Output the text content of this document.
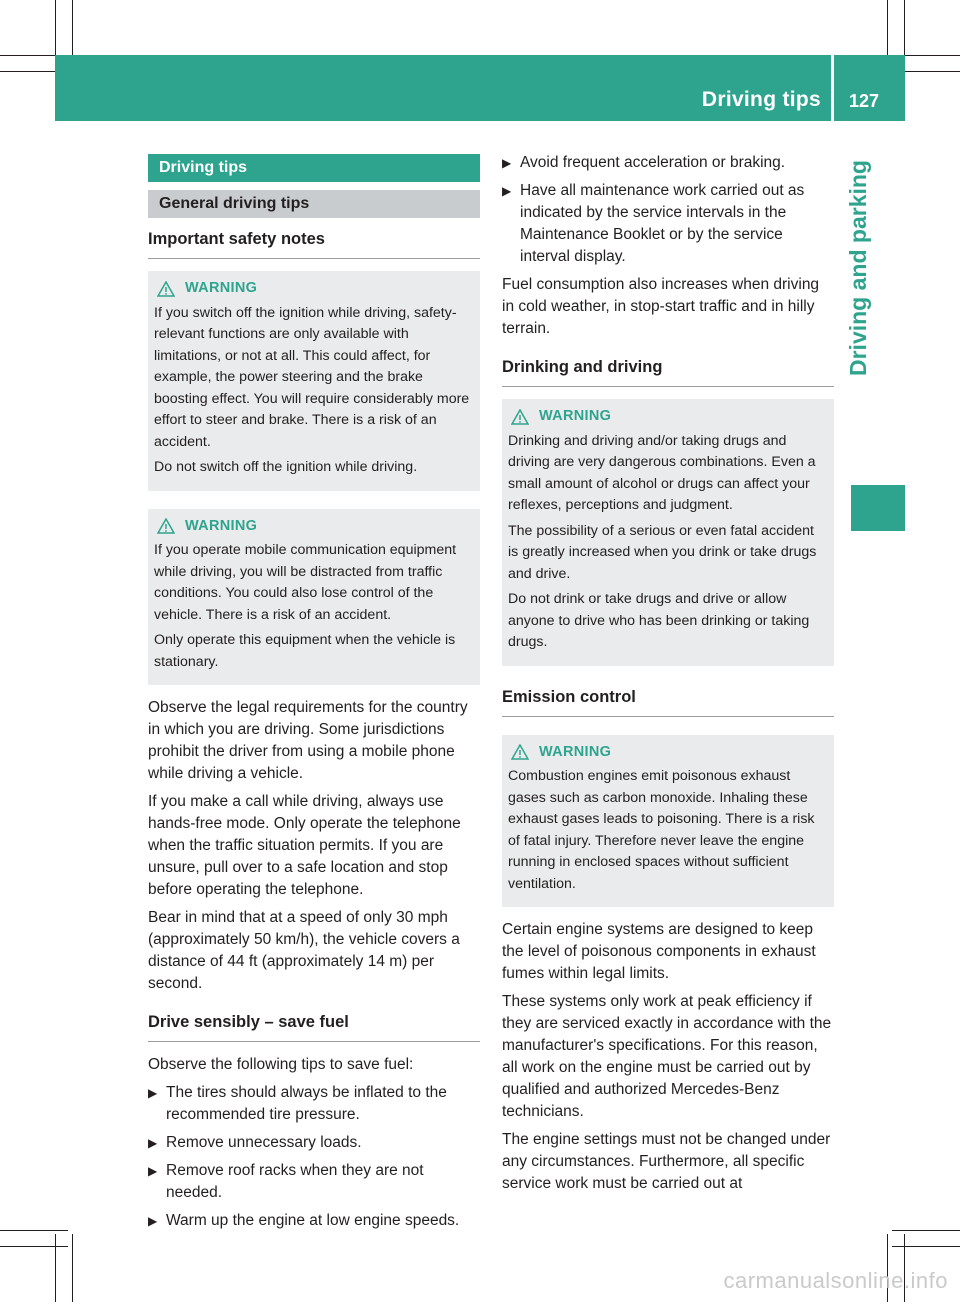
Driving tips 127
Driving and parking
Driving tips
General driving tips
Important safety notes
WARNING

If you switch off the ignition while driving, safety-relevant functions are only available with limitations, or not at all. This could affect, for example, the power steering and the brake boosting effect. You will require considerably more effort to steer and brake. There is a risk of an accident.

Do not switch off the ignition while driving.

WARNING

If you operate mobile communication equipment while driving, you will be distracted from traffic conditions. You could also lose control of the vehicle. There is a risk of an accident.

Only operate this equipment when the vehicle is stationary.

Observe the legal requirements for the country in which you are driving. Some jurisdictions prohibit the driver from using a mobile phone while driving a vehicle.

If you make a call while driving, always use hands-free mode. Only operate the telephone when the traffic situation permits. If you are unsure, pull over to a safe location and stop before operating the telephone.

Bear in mind that at a speed of only 30 mph (approximately 50 km/h), the vehicle covers a distance of 44 ft (approximately 14 m) per second.

Drive sensibly – save fuel

Observe the following tips to save fuel:

▶ The tires should always be inflated to the recommended tire pressure.
▶ Remove unnecessary loads.
▶ Remove roof racks when they are not needed.
▶ Warm up the engine at low engine speeds.
▶ Avoid frequent acceleration or braking.
▶ Have all maintenance work carried out as indicated by the service intervals in the Maintenance Booklet or by the service interval display.

Fuel consumption also increases when driving in cold weather, in stop-start traffic and in hilly terrain.

Drinking and driving
WARNING

Drinking and driving and/or taking drugs and driving are very dangerous combinations. Even a small amount of alcohol or drugs can affect your reflexes, perceptions and judgment.

The possibility of a serious or even fatal accident is greatly increased when you drink or take drugs and drive.

Do not drink or take drugs and drive or allow anyone to drive who has been drinking or taking drugs.

Emission control
WARNING

Combustion engines emit poisonous exhaust gases such as carbon monoxide. Inhaling these exhaust gases leads to poisoning. There is a risk of fatal injury. Therefore never leave the engine running in enclosed spaces without sufficient ventilation.

Certain engine systems are designed to keep the level of poisonous components in exhaust fumes within legal limits.

These systems only work at peak efficiency if they are serviced exactly in accordance with the manufacturer's specifications. For this reason, all work on the engine must be carried out by qualified and authorized Mercedes-Benz technicians.

The engine settings must not be changed under any circumstances. Furthermore, all specific service work must be carried out at

carmanualsonline.info
